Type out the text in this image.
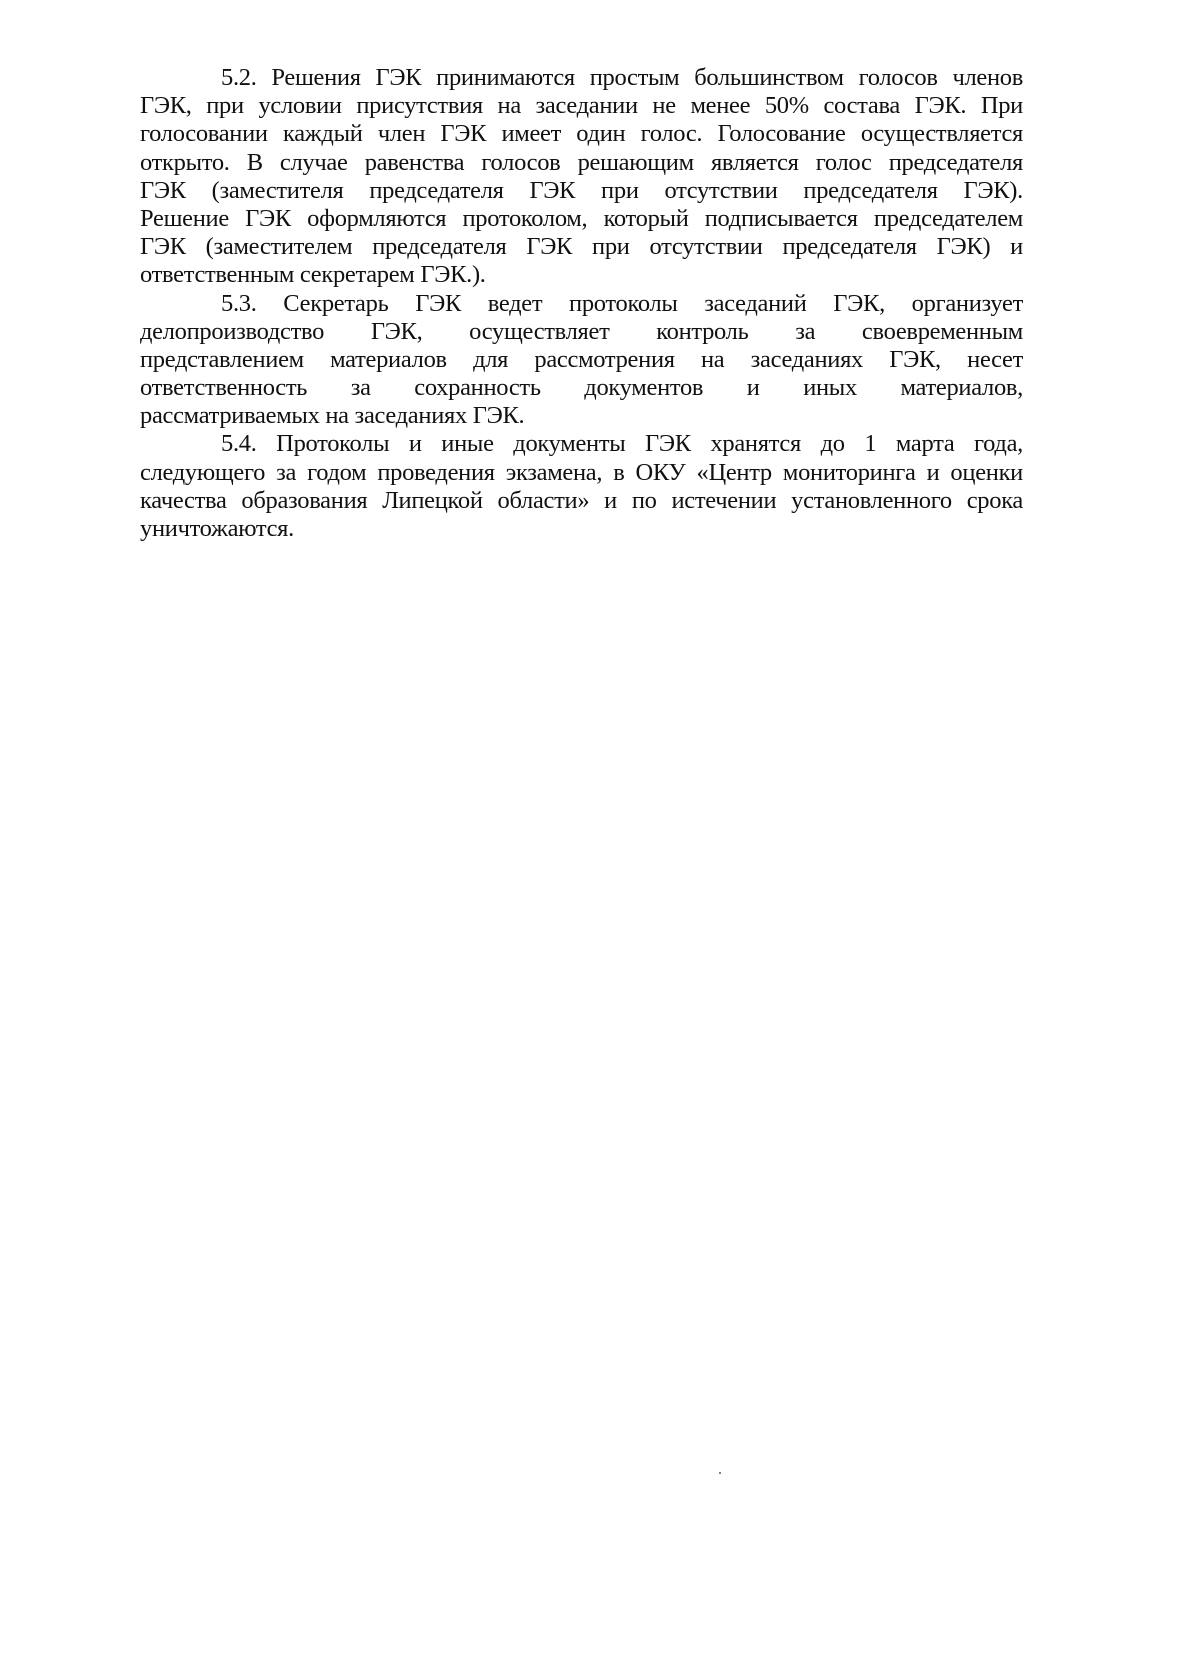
5.2. Решения ГЭК принимаются простым большинством голосов членов
ГЭК, при условии присутствия на заседании не менее 50% состава ГЭК. При
голосовании каждый член ГЭК имеет один голос. Голосование осуществляется
открыто. В случае равенства голосов решающим является голос председателя
ГЭК (заместителя председателя ГЭК при отсутствии председателя ГЭК).
Решение ГЭК оформляются протоколом, который подписывается председателем
ГЭК (заместителем председателя ГЭК при отсутствии председателя ГЭК) и
ответственным секретарем ГЭК.).
5.3. Секретарь ГЭК ведет протоколы заседаний ГЭК, организует
делопроизводство ГЭК, осуществляет контроль за своевременным
представлением материалов для рассмотрения на заседаниях ГЭК, несет
ответственность за сохранность документов и иных материалов,
рассматриваемых на заседаниях ГЭК.
5.4. Протоколы и иные документы ГЭК хранятся до 1 марта года,
следующего за годом проведения экзамена, в ОКУ «Центр мониторинга и оценки
качества образования Липецкой области» и по истечении установленного срока
уничтожаются.
